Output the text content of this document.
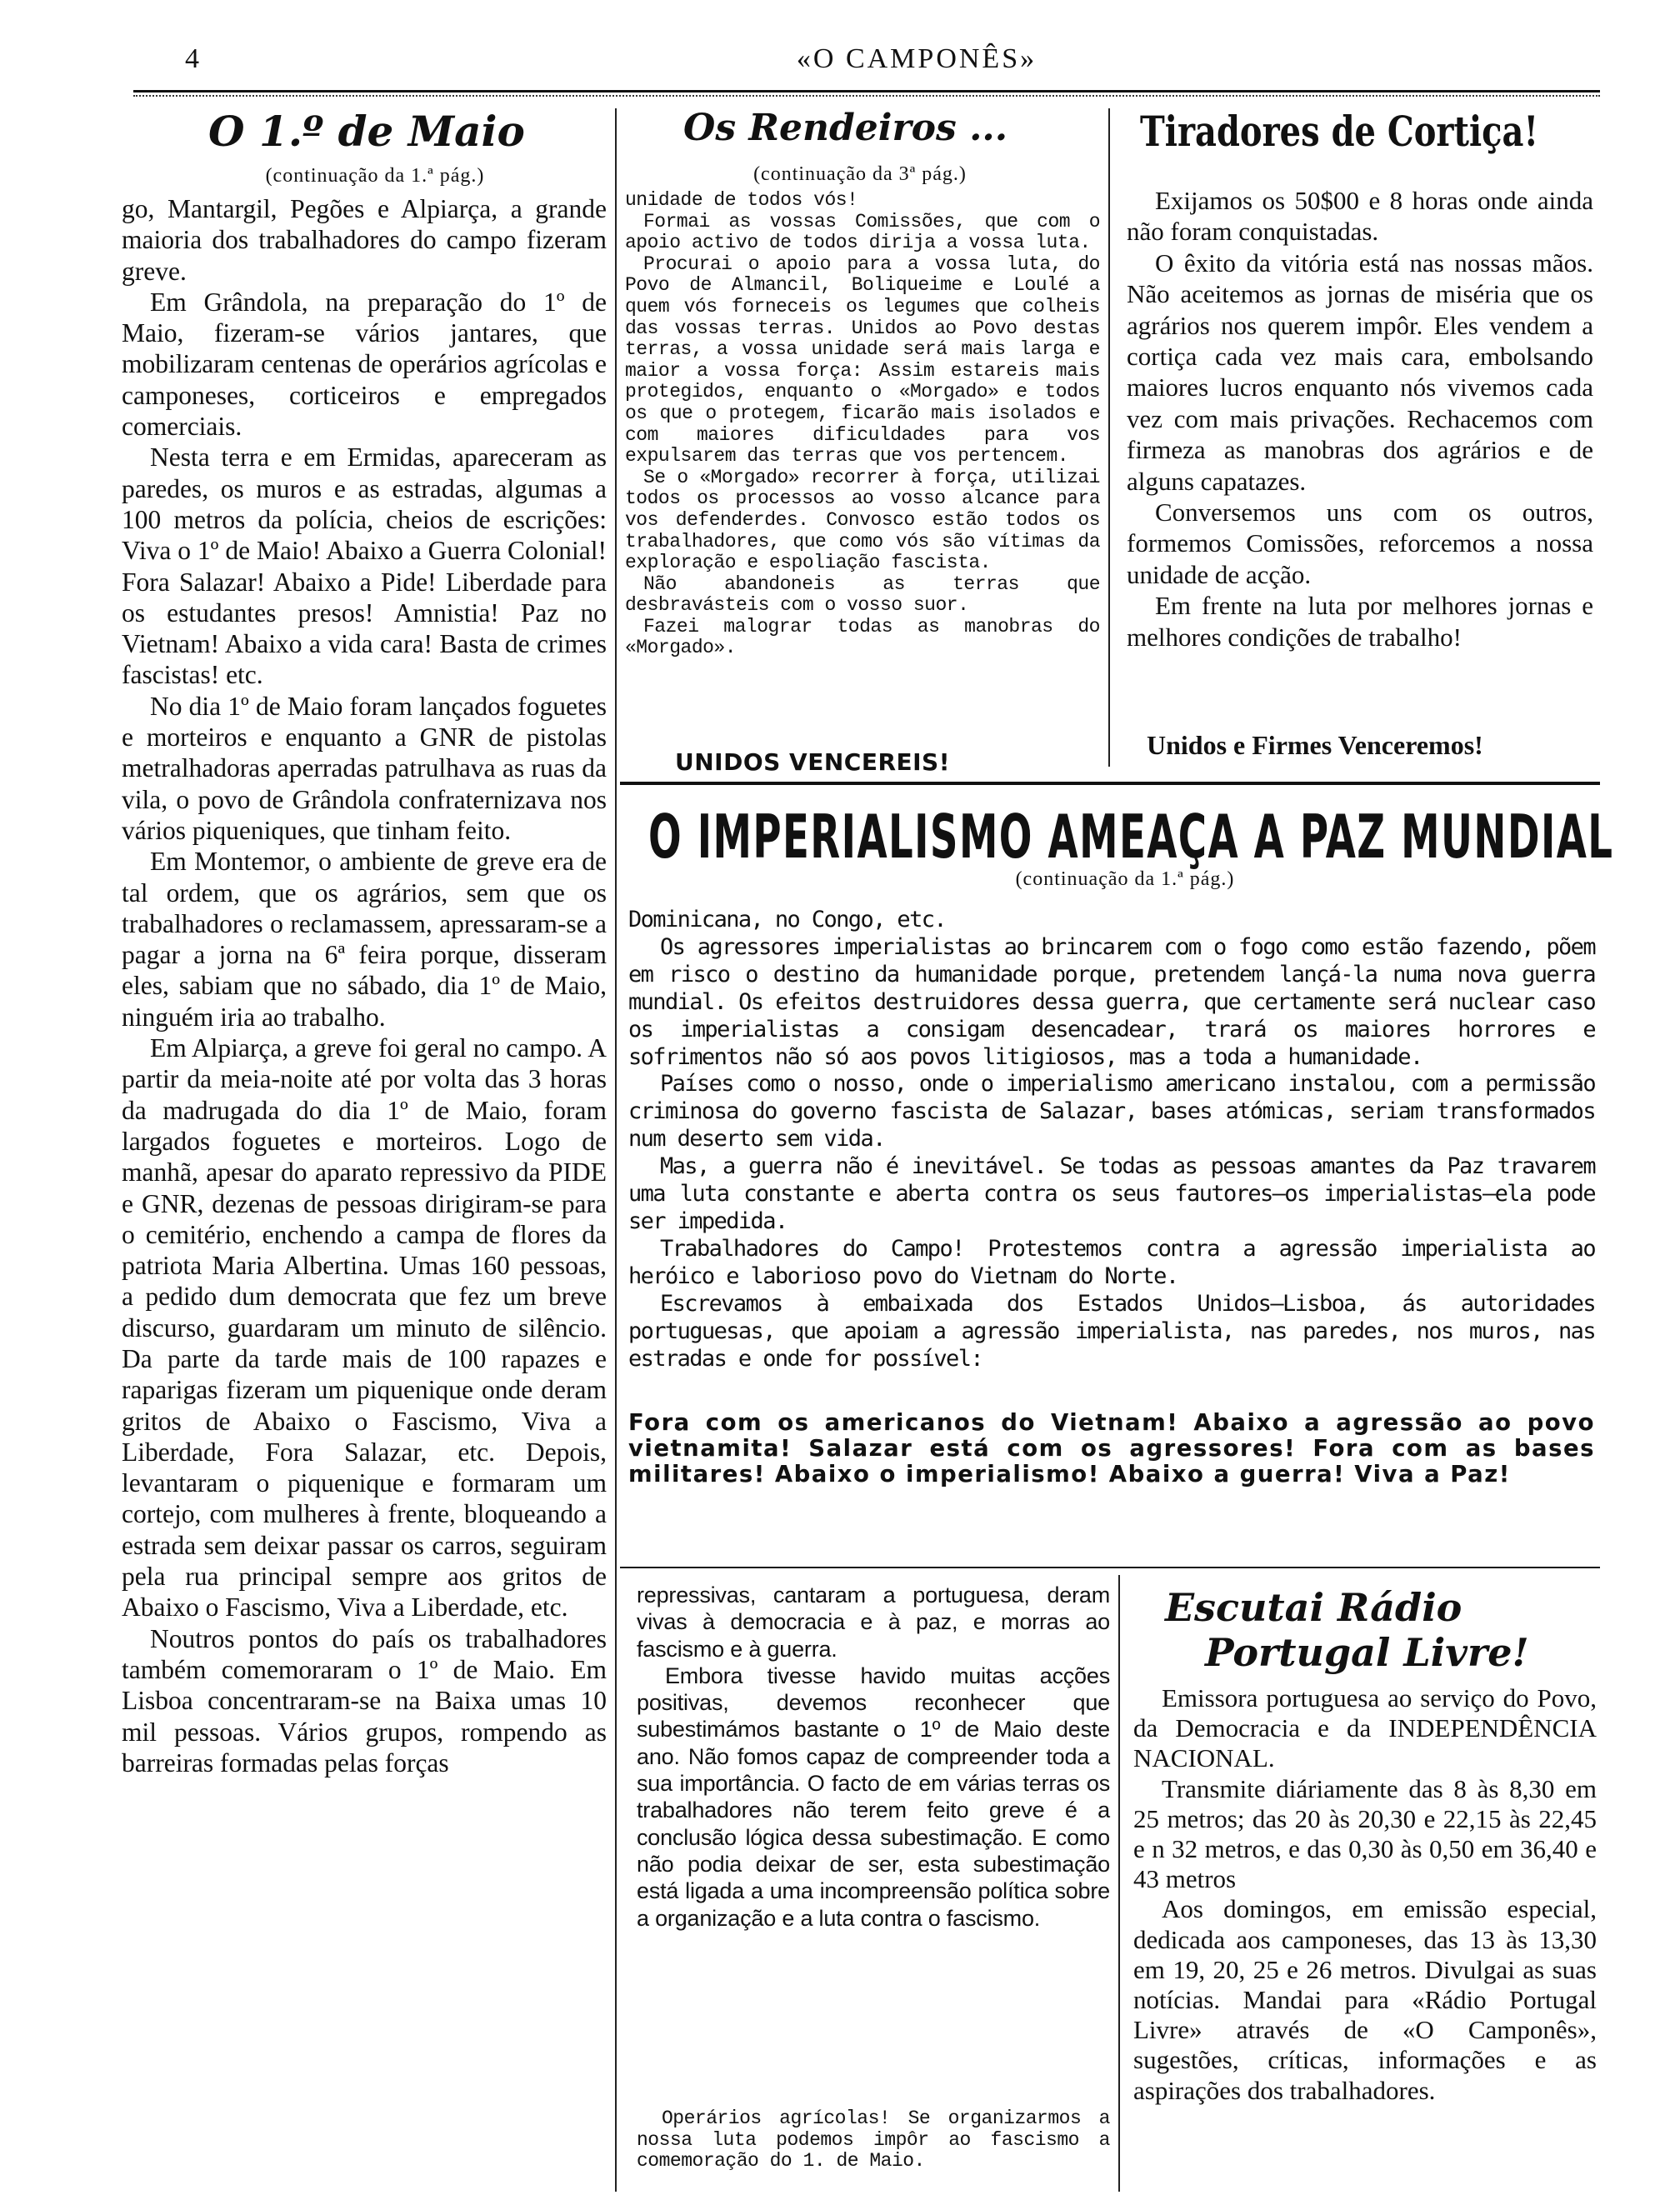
4	«O CAMPONÊS»
O 1.º de Maio
(continuação da 1.ª pág.)

go, Mantargil, Pegões e Alpiarça, a grande maioria dos trabalhadores do campo fizeram greve.

Em Grândola, na preparação do 1º de Maio, fizeram-se vários jantares, que mobilizaram centenas de operários agrícolas e camponeses, corticeiros e empregados comerciais.

Nesta terra e em Ermidas, apareceram as paredes, os muros e as estradas, algumas a 100 metros da polícia, cheios de escrições: Viva o 1º de Maio! Abaixo a Guerra Colonial! Fora Salazar! Abaixo a Pide! Liberdade para os estudantes presos! Amnistia! Paz no Vietnam! Abaixo a vida cara! Basta de crimes fascistas! etc.

No dia 1º de Maio foram lançados foguetes e morteiros e enquanto a GNR de pistolas metralhadoras aperradas patrulhava as ruas da vila, o povo de Grândola confraternizava nos vários piqueniques, que tinham feito.

Em Montemor, o ambiente de greve era de tal ordem, que os agrários, sem que os trabalhadores o reclamassem, apressaram-se a pagar a jorna na 6ª feira porque, disseram eles, sabiam que no sábado, dia 1º de Maio, ninguém iria ao trabalho.

Em Alpiarça, a greve foi geral no campo. A partir da meia-noite até por volta das 3 horas da madrugada do dia 1º de Maio, foram largados foguetes e morteiros. Logo de manhã, apesar do aparato repressivo da PIDE e GNR, dezenas de pessoas dirigiram-se para o cemitério, enchendo a campa de flores da patriota Maria Albertina. Umas 160 pessoas, a pedido dum democrata que fez um breve discurso, guardaram um minuto de silêncio. Da parte da tarde mais de 100 rapazes e raparigas fizeram um piquenique onde deram gritos de Abaixo o Fascismo, Viva a Liberdade, Fora Salazar, etc. Depois, levantaram o piquenique e formaram um cortejo, com mulheres à frente, bloqueando a estrada sem deixar passar os carros, seguiram pela rua principal sempre aos gritos de Abaixo o Fascismo, Viva a Liberdade, etc.

Noutros pontos do país os trabalhadores também comemoraram o 1º de Maio. Em Lisboa concentraram-se na Baixa umas 10 mil pessoas. Vários grupos, rompendo as barreiras formadas pelas forças

Os Rendeiros ...
(continuação da 3ª pág.)

unidade de todos vós!

Formai as vossas Comissões, que com o apoio activo de todos dirija a vossa luta.

Procurai o apoio para a vossa luta, do Povo de Almancil, Boliqueime e Loulé a quem vós forneceis os legumes que colheis das vossas terras. Unidos ao Povo destas terras, a vossa unidade será mais larga e maior a vossa força: Assim estareis mais protegidos, enquanto o «Morgado» e todos os que o protegem, ficarão mais isolados e com maiores dificuldades para vos expulsarem das terras que vos pertencem.

Se o «Morgado» recorrer à força, utilizai todos os processos ao vosso alcance para vos defenderdes. Convosco estão todos os trabalhadores, que como vós são vítimas da exploração e espoliação fascista.

Não abandoneis as terras que desbravásteis com o vosso suor.

Fazei malograr todas as manobras do «Morgado».

UNIDOS VENCEREIS!
Tiradores de Cortiça!

Exijamos os 50$00 e 8 horas onde ainda não foram conquistadas.

O êxito da vitória está nas nossas mãos. Não aceitemos as jornas de miséria que os agrários nos querem impôr. Eles vendem a cortiça cada vez mais cara, embolsando maiores lucros enquanto nós vivemos cada vez com mais privações. Rechacemos com firmeza as manobras dos agrários e de alguns capatazes.

Conversemos uns com os outros, formemos Comissões, reforcemos a nossa unidade de acção.

Em frente na luta por melhores jornas e melhores condições de trabalho!

Unidos e Firmes Venceremos!
O IMPERIALISMO AMEAÇA A PAZ MUNDIAL
(continuação da 1.ª pág.)

Dominicana, no Congo, etc.

Os agressores imperialistas ao brincarem com o fogo como estão fazendo, põem em risco o destino da humanidade porque, pretendem lançá-la numa nova guerra mundial. Os efeitos destruidores dessa guerra, que certamente será nuclear caso os imperialistas a consigam desencadear, trará os maiores horrores e sofrimentos não só aos povos litigiosos, mas a toda a humanidade.

Países como o nosso, onde o imperialismo americano instalou, com a permissão criminosa do governo fascista de Salazar, bases atómicas, seriam transformados num deserto sem vida.

Mas, a guerra não é inevitável. Se todas as pessoas amantes da Paz travarem uma luta constante e aberta contra os seus fautores—os imperialistas—ela pode ser impedida.

Trabalhadores do Campo! Protestemos contra a agressão imperialista ao heróico e laborioso povo do Vietnam do Norte.

Escrevamos à embaixada dos Estados Unidos—Lisboa, ás autoridades portuguesas, que apoiam a agressão imperialista, nas paredes, nos muros, nas estradas e onde for possível:

Fora com os americanos do Vietnam! Abaixo a agressão ao povo vietnamita! Salazar está com os agressores! Fora com as bases militares! Abaixo o imperialismo! Abaixo a guerra! Viva a Paz!

repressivas, cantaram a portuguesa, deram vivas à democracia e à paz, e morras ao fascismo e à guerra.

Embora tivesse havido muitas acções positivas, devemos reconhecer que subestimámos bastante o 1º de Maio deste ano. Não fomos capaz de compreender toda a sua importância. O facto de em várias terras os trabalhadores não terem feito greve é a conclusão lógica dessa subestimação. E como não podia deixar de ser, esta subestimação está ligada a uma incompreensão política sobre a organização e a luta contra o fascismo.

Operários agrícolas! Se organizarmos a nossa luta podemos impôr ao fascismo a comemoração do 1. de Maio.
Escutai Rádio
Portugal Livre!

Emissora portuguesa ao serviço do Povo, da Democracia e da INDEPENDÊNCIA NACIONAL.

Transmite diáriamente das 8 às 8,30 em 25 metros; das 20 às 20,30 e 22,15 às 22,45 e n 32 metros, e das 0,30 às 0,50 em 36,40 e 43 metros

Aos domingos, em emissão especial, dedicada aos camponeses, das 13 às 13,30 em 19, 20, 25 e 26 metros. Divulgai as suas notícias. Mandai para «Rádio Portugal Livre» através de «O Camponês», sugestões, críticas, informações e as aspirações dos trabalhadores.
